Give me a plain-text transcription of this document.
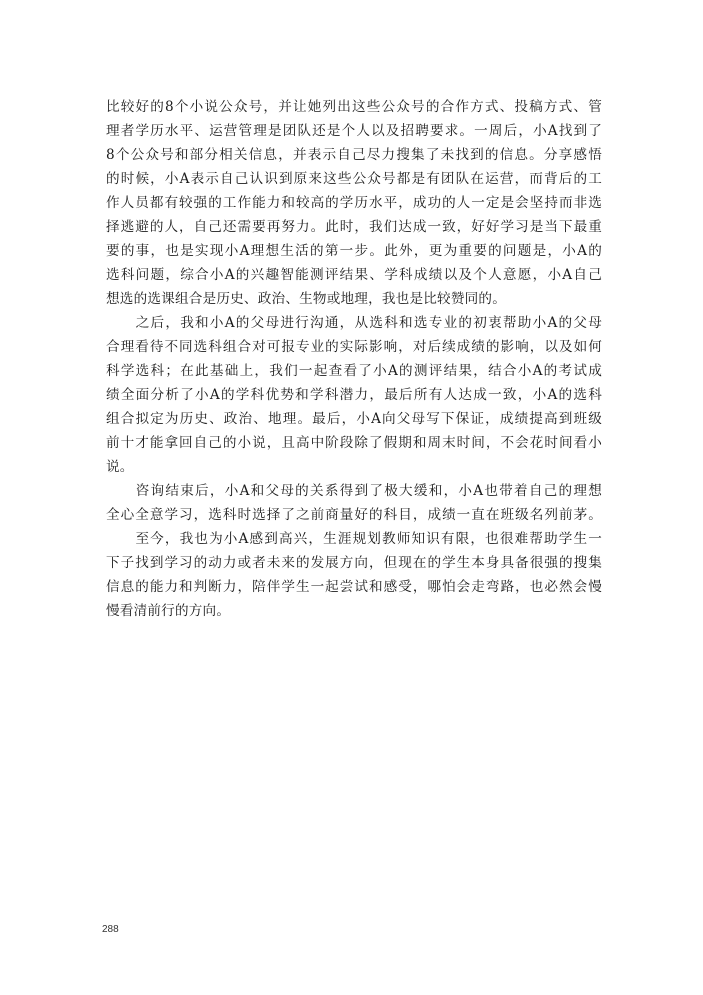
比较好的8个小说公众号，并让她列出这些公众号的合作方式、投稿方式、管
理者学历水平、运营管理是团队还是个人以及招聘要求。一周后，小A找到了
8个公众号和部分相关信息，并表示自己尽力搜集了未找到的信息。分享感悟
的时候，小A表示自己认识到原来这些公众号都是有团队在运营，而背后的工
作人员都有较强的工作能力和较高的学历水平，成功的人一定是会坚持而非选
择逃避的人，自己还需要再努力。此时，我们达成一致，好好学习是当下最重
要的事，也是实现小A理想生活的第一步。此外，更为重要的问题是，小A的
选科问题，综合小A的兴趣智能测评结果、学科成绩以及个人意愿，小A自己
想选的选课组合是历史、政治、生物或地理，我也是比较赞同的。
　　之后，我和小A的父母进行沟通，从选科和选专业的初衷帮助小A的父母
合理看待不同选科组合对可报专业的实际影响，对后续成绩的影响，以及如何
科学选科；在此基础上，我们一起查看了小A的测评结果，结合小A的考试成
绩全面分析了小A的学科优势和学科潜力，最后所有人达成一致，小A的选科
组合拟定为历史、政治、地理。最后，小A向父母写下保证，成绩提高到班级
前十才能拿回自己的小说，且高中阶段除了假期和周末时间，不会花时间看小
说。
　　咨询结束后，小A和父母的关系得到了极大缓和，小A也带着自己的理想
全心全意学习，选科时选择了之前商量好的科目，成绩一直在班级名列前茅。
　　至今，我也为小A感到高兴，生涯规划教师知识有限，也很难帮助学生一
下子找到学习的动力或者未来的发展方向，但现在的学生本身具备很强的搜集
信息的能力和判断力，陪伴学生一起尝试和感受，哪怕会走弯路，也必然会慢
慢看清前行的方向。
288
